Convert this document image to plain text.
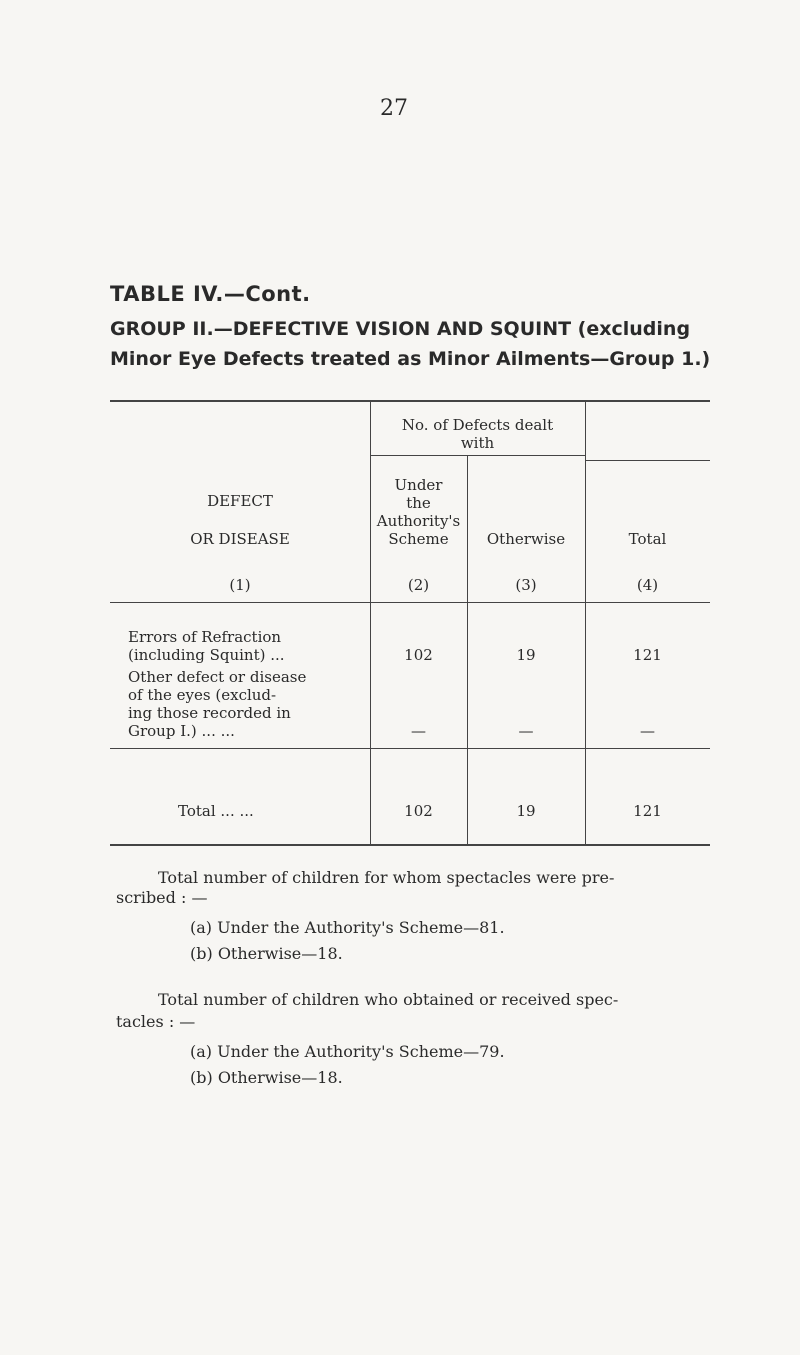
27
TABLE IV.—Cont.
GROUP II.—DEFECTIVE VISION AND SQUINT (excluding
Minor Eye Defects treated as Minor Ailments—Group 1.)
No. of Defects dealt
with
DEFECT
OR DISEASE
Under
the
Authority's
Scheme	Otherwise	Total
(1)	(2)	(3)	(4)
Errors of Refraction
(including Squint) ...	102	19	121
Other defect or disease
of the eyes (exclud-
ing those recorded in
Group I.) ... ...	—	—	—
Total ... ...	102	19	121
Total number of children for whom spectacles were pre-
scribed : —
(a) Under the Authority's Scheme—81.
(b) Otherwise—18.
Total number of children who obtained or received spec-
tacles : —
(a) Under the Authority's Scheme—79.
(b) Otherwise—18.
